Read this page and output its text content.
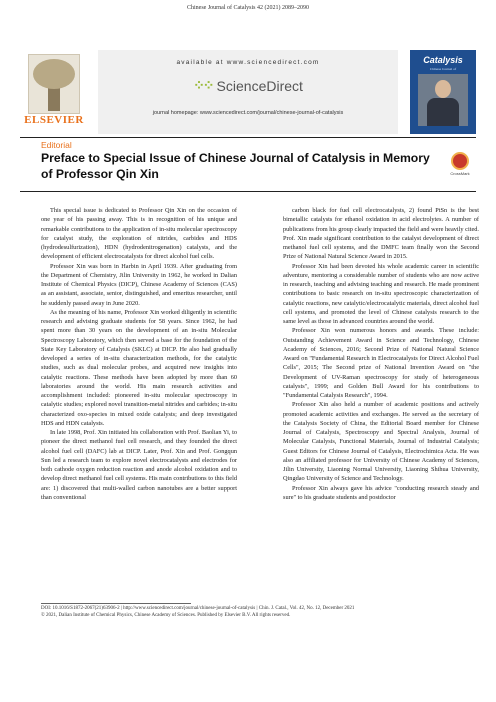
Chinese Journal of Catalysis 42 (2021) 2089–2090
ELSEVIER
available at www.sciencedirect.com
⁘⁘ ScienceDirect
journal homepage: www.sciencedirect.com/journal/chinese-journal-of-catalysis
Catalysis
Chinese Journal of
Editorial
Preface to Special Issue of Chinese Journal of Catalysis in Memory of Professor Qin Xin	CrossMark

This special issue is dedicated to Professor Qin Xin on the occasion of one year of his passing away. This is in recognition of his unique and remarkable contributions to the application of in-situ molecular spectroscopy for catalyst study, the exploration of nitrides, carbides and HDS (hydrodesulfurization), HDN (hydrodenitrogenation) catalysts, and the development of efficient electrocatalysts for direct alcohol fuel cells.

Professor Xin was born in Harbin in April 1939. After graduating from the Department of Chemistry, Jilin University in 1962, he worked in Dalian Institute of Chemical Physics (DICP), Chinese Academy of Sciences (CAS) as an assistant, associate, senior, distinguished, and emeritus researcher, until he suddenly passed away in June 2020.

As the meaning of his name, Professor Xin worked diligently in scientific research and advising graduate students for 58 years. Since 1962, he had spent more than 30 years on the development of an in-situ Molecular Spectroscopy Laboratory, which then served a base for the foundation of the State Key Laboratory of Catalysis (SKLC) at DICP. He also had gradually developed a series of in-situ characterization methods, for the catalytic studies, such as dual molecular probes, and acquired new insights into catalytic reactions. These methods have been adopted by more than 60 laboratories around the world. His main research activities and accomplishment included: pioneered in-situ molecular spectroscopy in catalytic studies; explored novel transition-metal nitrides and carbides; in-situ characterized oxo-species in mixed oxide catalysts; and deep investigated HDS and HDN catalysts.

In late 1998, Prof. Xin initiated his collaboration with Prof. Baolian Yi, to pioneer the direct methanol fuel cell research, and they founded the direct alcohol fuel cell (DAFC) lab at DICP. Later, Prof. Xin and Prof. Gongqun Sun led a research team to explore novel electrocatalysts and electrodes for both cathode oxygen reduction reaction and anode alcohol oxidation and to develop direct methanol fuel cell systems. His main contributions to this field are: 1) discovered that multi-walled carbon nanotubes are a better support than conventional

carbon black for fuel cell electrocatalysts, 2) found PtSn is the best bimetallic catalysts for ethanol oxidation in acid electrolytes. A number of publications from his group clearly impacted the field and were heavily cited. Prof. Xin made significant contribution to the catalyst development of direct methanol fuel cell systems, and the DMFC team finally won the Second Prize of National Natural Science Award in 2015.

Professor Xin had been devoted his whole academic career in scientific adventure, mentoring a considerable number of students who are now active in research, teaching and advising teaching and research. He made prominent contributions to basic research on in-situ spectroscopic characterization of catalytic reactions, new catalytic/electrocatalytic materials, direct alcohol fuel cell systems, and promoted the level of Chinese catalysis research to the same level as those in advanced countries around the world.

Professor Xin won numerous honors and awards. These include: Outstanding Achievement Award in Science and Technology, Chinese Academy of Sciences, 2016; Second Prize of National Natural Science Award on "Fundamental Research in Electrocatalysts for Direct Alcohol Fuel Cells", 2015; The Second prize of National Invention Award on "the Development of UV-Raman spectroscopy for study of heterogeneous catalysts", 1999; and Golden Bull Award for his contributions to "Fundamental Catalysis Research", 1994.

Professor Xin also held a number of academic positions and actively promoted academic activities and exchanges. He served as the secretary of the Catalysis Society of China, the Editorial Board member for Chinese Journal of Catalysis, Spectroscopy and Spectral Analysis, Journal of Molecular Catalysis, Functional Materials, Journal of Industrial Catalysis; Guest Editors for Chinese Journal of Catalysis, Electrochimica Acta. He was also an affiliated professor for University of Chinese Academy of Sciences, Jilin University, Liaoning Normal University, Liaoning Shihua University, Qingdao University of Science and Technology.

Professor Xin always gave his advice "conducting research steady and sure" to his graduate students and postdoctor

DOI: 10.1016/S1872-2067(21)63906-2 | http://www.sciencedirect.com/journal/chinese-journal-of-catalysis | Chin. J. Catal., Vol. 42, No. 12, December 2021
© 2021, Dalian Institute of Chemical Physics, Chinese Academy of Sciences. Published by Elsevier B.V. All rights reserved.
